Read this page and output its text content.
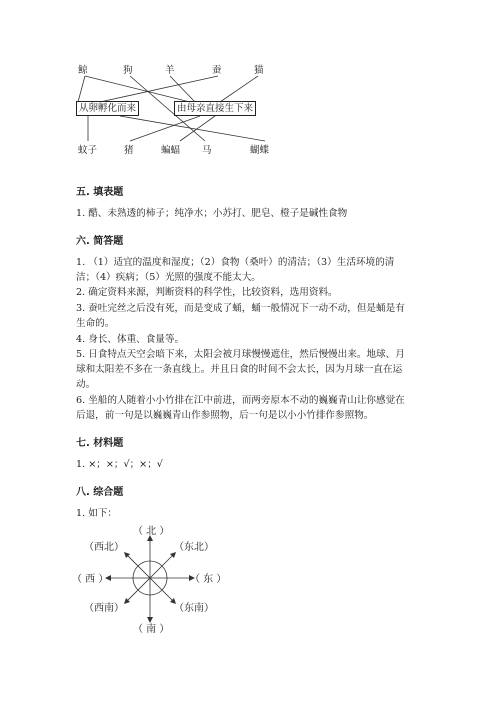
鲸	狗	羊	蚕	猫
从卵孵化而来	由母亲直接生下来
蚊子	猪	蝙蝠 马	蝴蝶
五. 填表题
1. 醋、未熟透的柿子；纯净水；小苏打、肥皂、橙子是碱性食物
六. 简答题
1. （1）适宜的温度和湿度；（2）食物（桑叶）的清洁；（3）生活环境的清
洁；（4）疾病；（5）光照的强度不能太大。
2. 确定资料来源，判断资料的科学性，比较资料，选用资料。
3. 蚕吐完丝之后没有死，而是变成了蛹，蛹一般情况下一动不动，但是蛹是有
生命的。
4. 身长、体重、食量等。
5. 日食特点天空会暗下来，太阳会被月球慢慢遮住，然后慢慢出来。地球、月
球和太阳差不多在一条直线上。并且日食的时间不会太长，因为月球一直在运
动。
6. 坐船的人随着小小竹排在江中前进，而两旁原本不动的巍巍青山让你感觉在
后退，前一句是以巍巍青山作参照物，后一句是以小小竹排作参照物。
七. 材料题
1. ×；×；√；×；√
八. 综合题
1. 如下：
（ 北 ）
（西北）	（东北）
（ 西 ）	（ 东 ）
（西南）	（东南）
（ 南 ）
